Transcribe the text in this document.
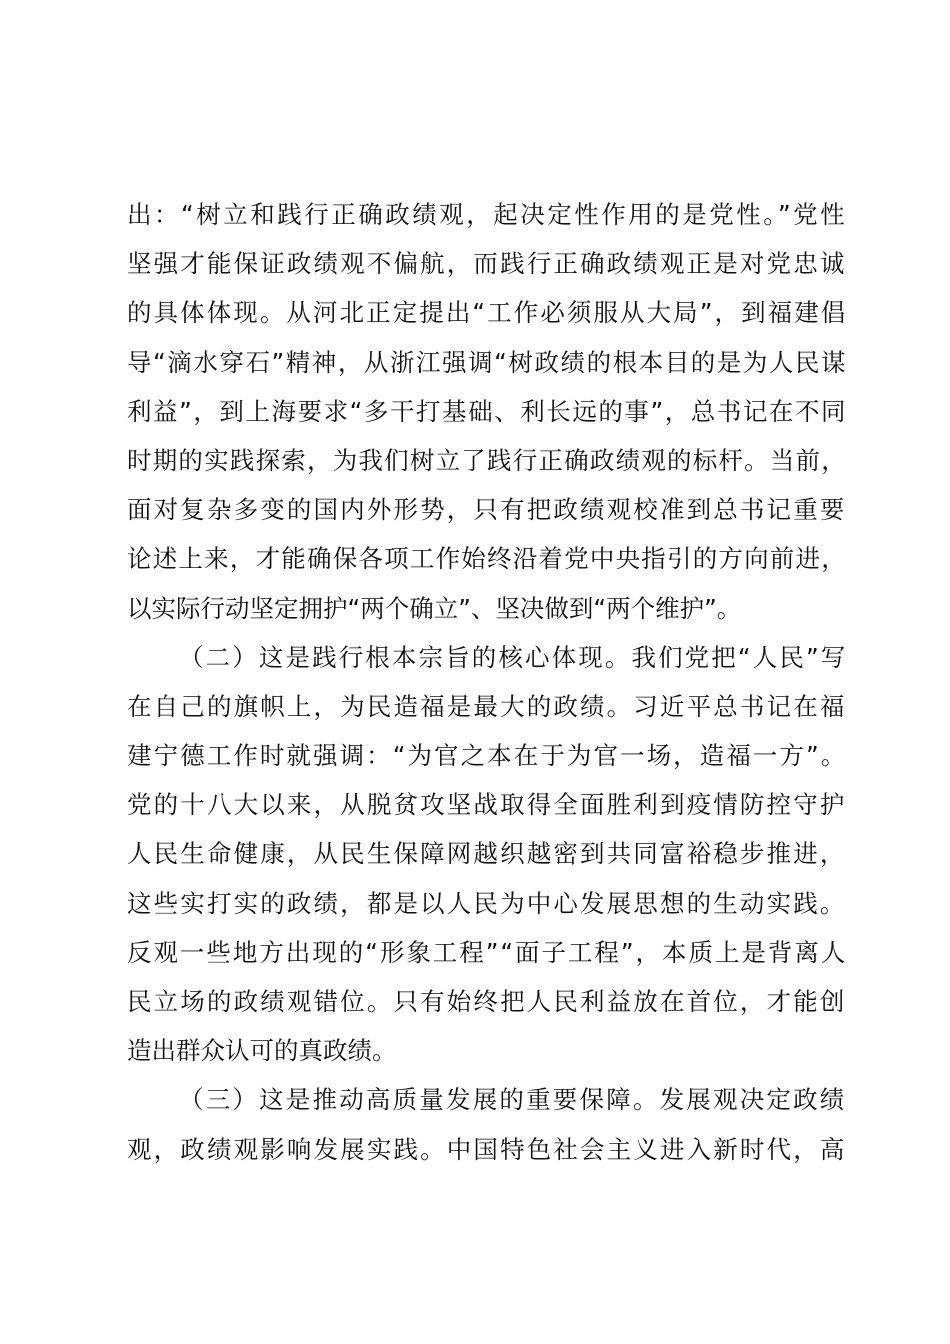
出：“树立和践行正确政绩观，起决定性作用的是党性。”党性
坚强才能保证政绩观不偏航，而践行正确政绩观正是对党忠诚
的具体体现。从河北正定提出“工作必须服从大局”，到福建倡
导“滴水穿石”精神，从浙江强调“树政绩的根本目的是为人民谋
利益”，到上海要求“多干打基础、利长远的事”，总书记在不同
时期的实践探索，为我们树立了践行正确政绩观的标杆。当前，
面对复杂多变的国内外形势，只有把政绩观校准到总书记重要
论述上来，才能确保各项工作始终沿着党中央指引的方向前进，
以实际行动坚定拥护“两个确立”、坚决做到“两个维护”。
（二）这是践行根本宗旨的核心体现。我们党把“人民”写
在自己的旗帜上，为民造福是最大的政绩。习近平总书记在福
建宁德工作时就强调：“为官之本在于为官一场，造福一方”。
党的十八大以来，从脱贫攻坚战取得全面胜利到疫情防控守护
人民生命健康，从民生保障网越织越密到共同富裕稳步推进，
这些实打实的政绩，都是以人民为中心发展思想的生动实践。
反观一些地方出现的“形象工程”“面子工程”，本质上是背离人
民立场的政绩观错位。只有始终把人民利益放在首位，才能创
造出群众认可的真政绩。
（三）这是推动高质量发展的重要保障。发展观决定政绩
观，政绩观影响发展实践。中国特色社会主义进入新时代，高
